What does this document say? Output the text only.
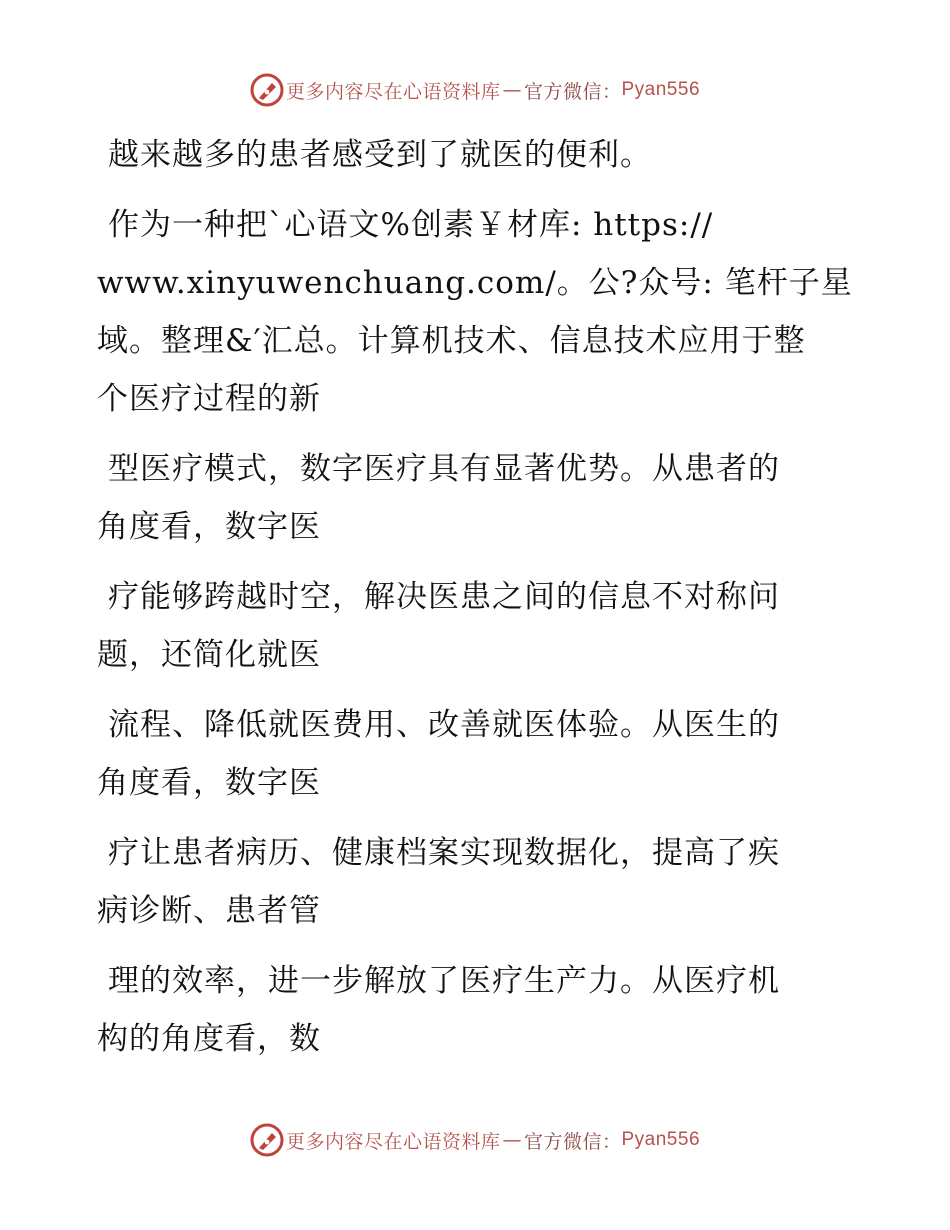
更多内容尽在心语资料库 — 官方微信： Pyan556
越来越多的患者感受到了就医的便利。
作为一种把`心语文%创素￥材库: https://
www.xinyuwenchuang.com/。公?众号: 笔杆子星
域。整理&′汇总。计算机技术、信息技术应用于整
个医疗过程的新
型医疗模式，数字医疗具有显著优势。从患者的
角度看，数字医
疗能够跨越时空，解决医患之间的信息不对称问
题，还简化就医
流程、降低就医费用、改善就医体验。从医生的
角度看，数字医
疗让患者病历、健康档案实现数据化，提高了疾
病诊断、患者管
理的效率，进一步解放了医疗生产力。从医疗机
构的角度看，数
更多内容尽在心语资料库 — 官方微信： Pyan556
